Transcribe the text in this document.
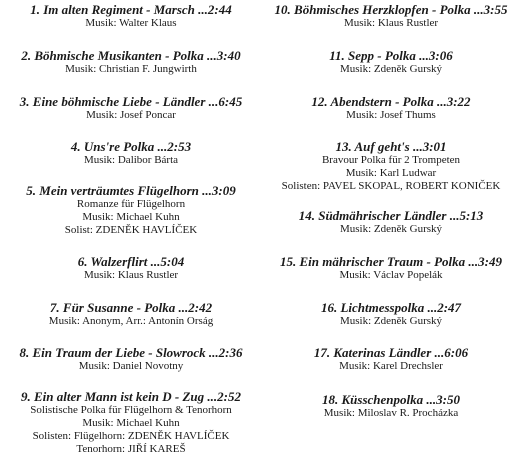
1. Im alten Regiment - Marsch ...2:44
Musik: Walter Klaus
2. Böhmische Musikanten - Polka ...3:40
Musik: Christian F. Jungwirth
3. Eine böhmische Liebe - Ländler ...6:45
Musik: Josef Poncar
4. Uns're Polka ...2:53
Musik: Dalibor Bárta
5. Mein verträumtes Flügelhorn ...3:09
Romanze für Flügelhorn
Musik: Michael Kuhn
Solist: ZDENĚK HAVLÍČEK
6. Walzerflirt ...5:04
Musik: Klaus Rustler
7. Für Susanne - Polka ...2:42
Musik: Anonym, Arr.: Antonín Orság
8. Ein Traum der Liebe - Slowrock ...2:36
Musik: Daniel Novotny
9. Ein alter Mann ist kein D - Zug ...2:52
Solistische Polka für Flügelhorn & Tenorhorn
Musik: Michael Kuhn
Solisten: Flügelhorn: ZDENĚK HAVLÍČEK
Tenorhorn: JIŘÍ KAREŠ
10. Böhmisches Herzklopfen - Polka ...3:55
Musik: Klaus Rustler
11. Sepp - Polka ...3:06
Musik: Zdeněk Gurský
12. Abendstern - Polka ...3:22
Musik: Josef Thums
13. Auf geht's ...3:01
Bravour Polka für 2 Trompeten
Musik: Karl Ludwar
Solisten: PAVEL SKOPAL, ROBERT KONIČEK
14. Südmährischer Ländler ...5:13
Musik: Zdeněk Gurský
15. Ein mährischer Traum - Polka ...3:49
Musik: Václav Popelák
16. Lichtmesspolka ...2:47
Musik: Zdeněk Gurský
17. Katerinas Ländler ...6:06
Musik: Karel Drechsler
18. Küsschenpolka ...3:50
Musik: Miloslav R. Procházka
